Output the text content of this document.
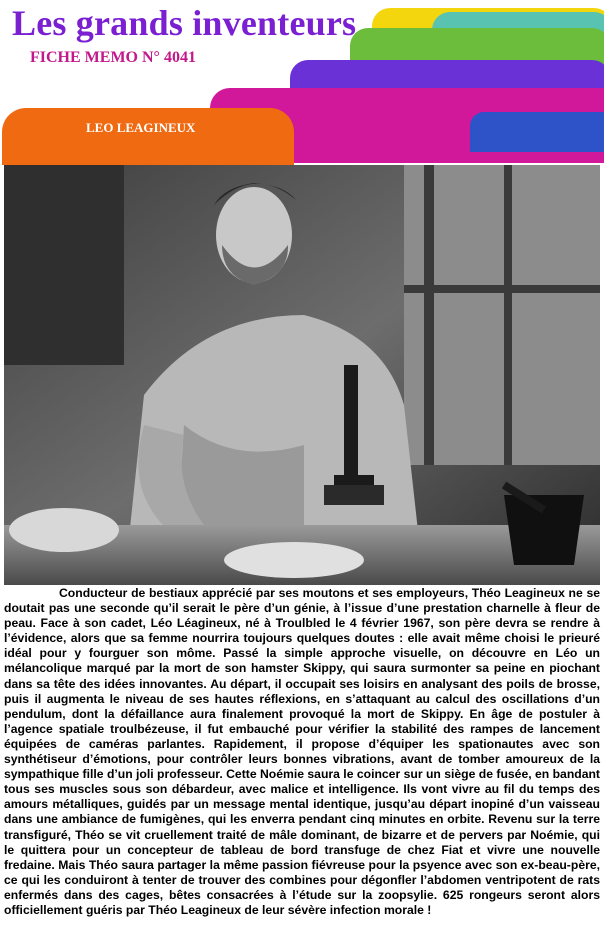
Les grands inventeurs
FICHE MEMO N° 4041
LEO LEAGINEUX

Conducteur de bestiaux apprécié par ses moutons et ses employeurs, Théo Leagineux ne se doutait pas une seconde qu’il serait le père d’un génie, à l’issue d’une prestation charnelle à fleur de peau. Face à son cadet, Léo Léagineux, né à Troulbled le 4 février 1967, son père devra se rendre à l’évidence, alors que sa femme nourrira toujours quelques doutes : elle avait même choisi le prieuré idéal pour y fourguer son môme. Passé la simple approche visuelle, on découvre en Léo un mélancolique marqué par la mort de son hamster Skippy, qui saura surmonter sa peine en piochant dans sa tête des idées innovantes. Au départ, il occupait ses loisirs en analysant des poils de brosse, puis il augmenta le niveau de ses hautes réflexions, en s’attaquant au calcul des oscillations d’un pendulum, dont la défaillance aura finalement provoqué la mort de Skippy. En âge de postuler à l’agence spatiale troulbézeuse, il fut embauché pour vérifier la stabilité des rampes de lancement équipées de caméras parlantes. Rapidement, il propose d’équiper les spationautes avec son synthétiseur d’émotions, pour contrôler leurs bonnes vibrations, avant de tomber amoureux de la sympathique fille d’un joli professeur. Cette Noémie saura le coincer sur un siège de fusée, en bandant tous ses muscles sous son débardeur, avec malice et intelligence. Ils vont vivre au fil du temps des amours métalliques, guidés par un message mental identique, jusqu’au départ inopiné d’un vaisseau dans une ambiance de fumigènes, qui les enverra pendant cinq minutes en orbite. Revenu sur la terre transfiguré, Théo se vit cruellement traité de mâle dominant, de bizarre et de pervers par Noémie, qui le quittera pour un concepteur de tableau de bord transfuge de chez Fiat et vivre une nouvelle fredaine. Mais Théo saura partager la même passion fiévreuse pour la psyence avec son ex-beau-père, ce qui les conduiront à tenter de trouver des combines pour dégonfler l’abdomen ventripotent de rats enfermés dans des cages, bêtes consacrées à l’étude sur la zoopsylie. 625 rongeurs seront alors officiellement guéris par Théo Leagineux de leur sévère infection morale !
